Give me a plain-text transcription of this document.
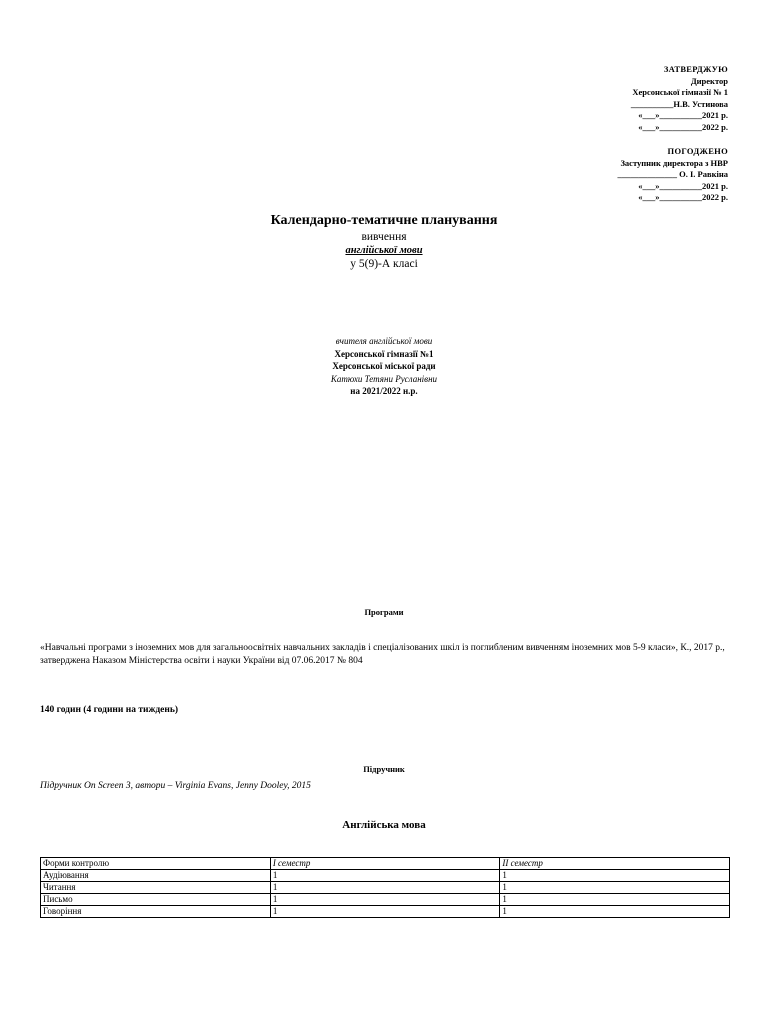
ЗАТВЕРДЖУЮ
Директор
Херсонської гімназії № 1
__________Н.В. Устинова
«___»__________2021 р.
«___»__________2022 р.
ПОГОДЖЕНО
Заступник директора з НВР
______________ О. І. Равкіна
«___»__________2021 р.
«___»__________2022 р.
Календарно-тематичне планування
вивчення
англійської мови
у 5(9)-А класі
вчителя англійської мови
Херсонської гімназії №1
Херсонської міської ради
Катюхи Тетяни Русланівни
на 2021/2022 н.р.
Програми
«Навчальні програми з іноземних мов для загальноосвітніх навчальних закладів і спеціалізованих шкіл із поглибленим вивченням іноземних мов 5-9 класи», К., 2017 р., затверджена Наказом Міністерства освіти і науки України від 07.06.2017 № 804
140 годин (4 години на тиждень)
Підручник
Підручник On Screen 3, автори – Virginia Evans, Jenny Dooley, 2015
Англійська мова
Форми контролю	І семестр	ІІ семестр
Аудіювання	1	1
Читання	1	1
Письмо	1	1
Говоріння	1	1
